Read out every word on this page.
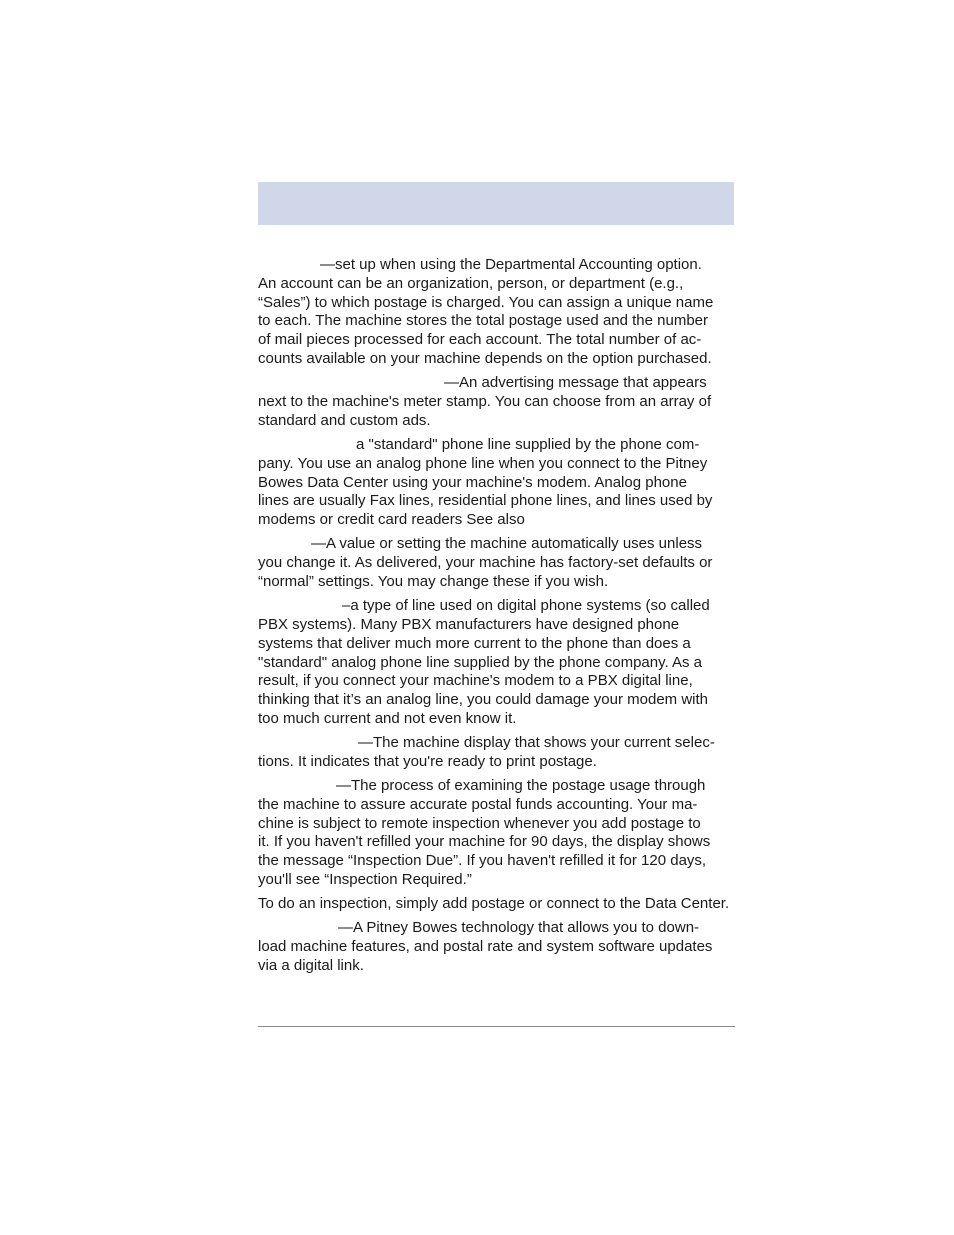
—set up when using the Departmental Accounting option.
An account can be an organization, person, or department (e.g.,
“Sales”) to which postage is charged. You can assign a unique name
to each. The machine stores the total postage used and the number
of mail pieces processed for each account. The total number of ac-
counts available on your machine depends on the option purchased.
—An advertising message that appears
next to the machine's meter stamp. You can choose from an array of
standard and custom ads.
a "standard" phone line supplied by the phone com-
pany. You use an analog phone line when you connect to the Pitney
Bowes Data Center using your machine's modem. Analog phone
lines are usually Fax lines, residential phone lines, and lines used by
modems or credit card readers See also
—A value or setting the machine automatically uses unless
you change it. As delivered, your machine has factory-set defaults or
“normal” settings. You may change these if you wish.
–a type of line used on digital phone systems (so called
PBX systems). Many PBX manufacturers have designed phone
systems that deliver much more current to the phone than does a
"standard" analog phone line supplied by the phone company. As a
result, if you connect your machine's modem to a PBX digital line,
thinking that it’s an analog line, you could damage your modem with
too much current and not even know it.
—The machine display that shows your current selec-
tions. It indicates that you're ready to print postage.
—The process of examining the postage usage through
the machine to assure accurate postal funds accounting. Your ma-
chine is subject to remote inspection whenever you add postage to
it. If you haven't refilled your machine for 90 days, the display shows
the message “Inspection Due”. If you haven't refilled it for 120 days,
you'll see “Inspection Required.”
To do an inspection, simply add postage or connect to the Data Center.
—A Pitney Bowes technology that allows you to down-
load machine features, and postal rate and system software updates
via a digital link.
